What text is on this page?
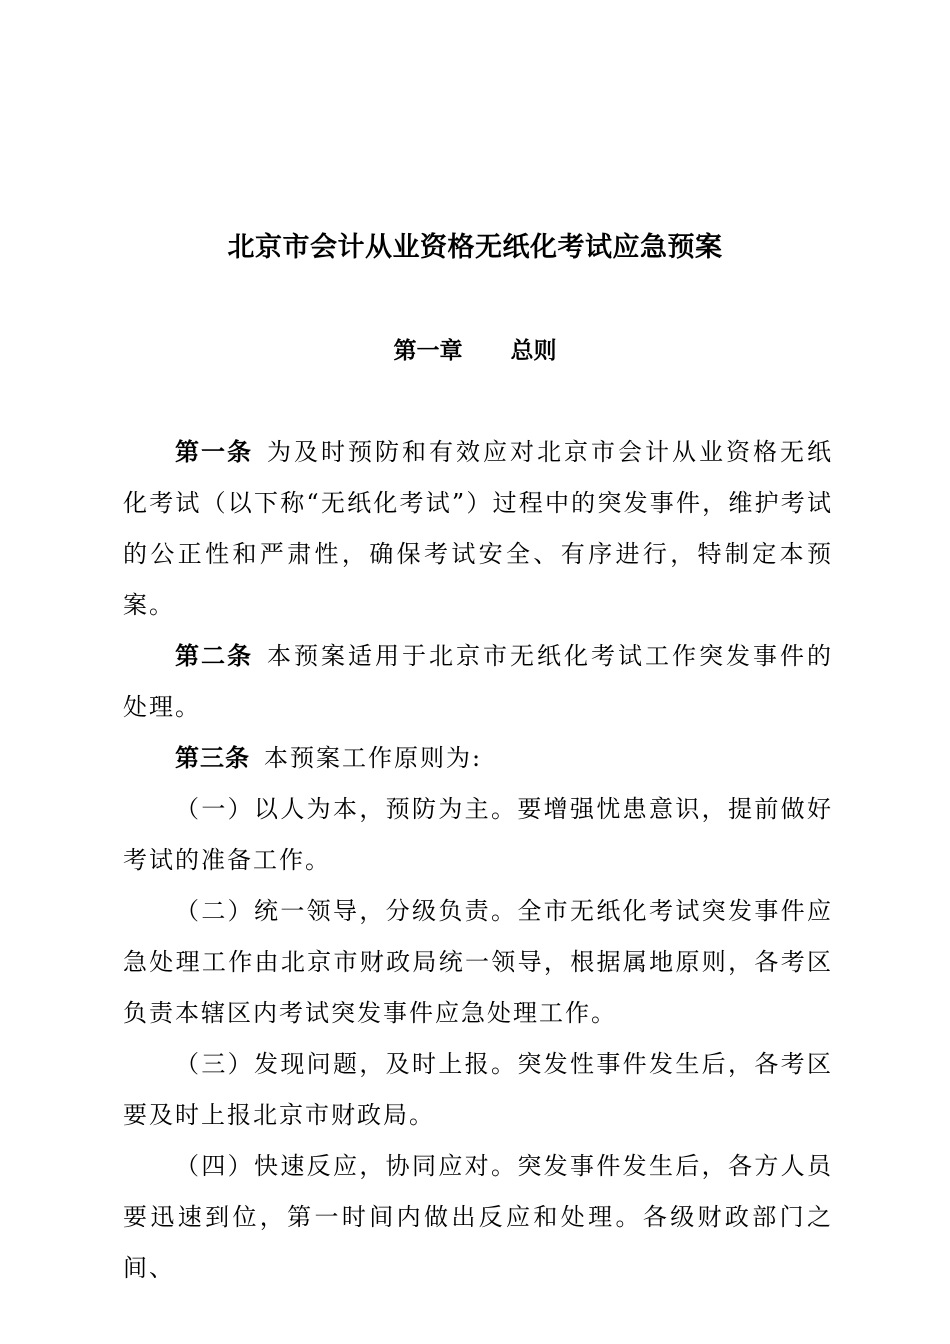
北京市会计从业资格无纸化考试应急预案
第一章      总则

第一条 为及时预防和有效应对北京市会计从业资格无纸化考试（以下称“无纸化考试”）过程中的突发事件，维护考试的公正性和严肃性，确保考试安全、有序进行，特制定本预案。

第二条 本预案适用于北京市无纸化考试工作突发事件的处理。

第三条 本预案工作原则为:

（一）以人为本，预防为主。要增强忧患意识，提前做好考试的准备工作。

（二）统一领导，分级负责。全市无纸化考试突发事件应急处理工作由北京市财政局统一领导，根据属地原则，各考区负责本辖区内考试突发事件应急处理工作。

（三）发现问题，及时上报。突发性事件发生后，各考区要及时上报北京市财政局。

（四）快速反应，协同应对。突发事件发生后，各方人员要迅速到位，第一时间内做出反应和处理。各级财政部门之间、
